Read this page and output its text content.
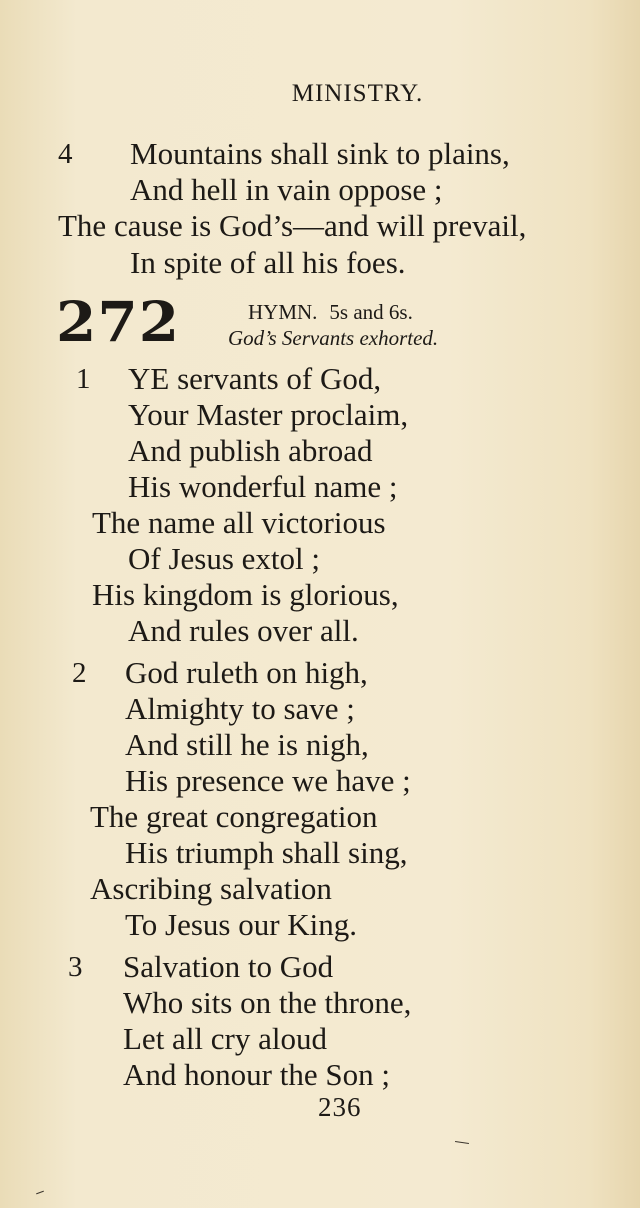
MINISTRY.
4 Mountains shall sink to plains,
And hell in vain oppose ;
The cause is God’s—and will prevail,
In spite of all his foes.
272	HYMN. 5s and 6s.
God’s Servants exhorted.
1 YE servants of God,
Your Master proclaim,
And publish abroad
His wonderful name ;
The name all victorious
Of Jesus extol ;
His kingdom is glorious,
And rules over all.
2 God ruleth on high,
Almighty to save ;
And still he is nigh,
His presence we have ;
The great congregation
His triumph shall sing,
Ascribing salvation
To Jesus our King.
3 Salvation to God
Who sits on the throne,
Let all cry aloud
And honour the Son ;
236
